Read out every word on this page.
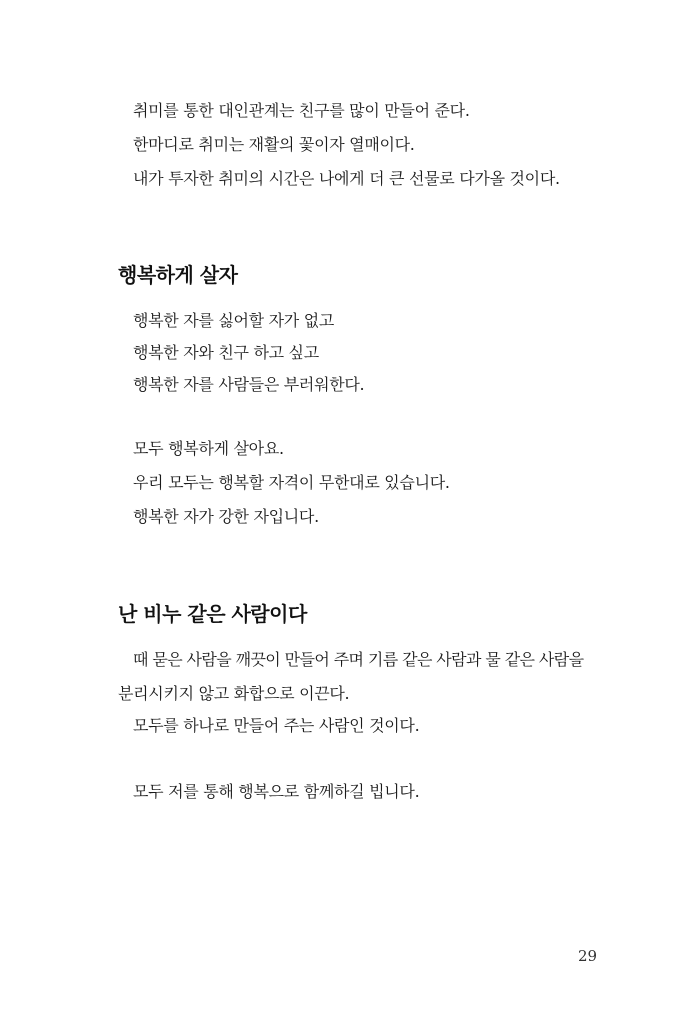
취미를 통한 대인관계는 친구를 많이 만들어 준다.
한마디로 취미는 재활의 꽃이자 열매이다.
내가 투자한 취미의 시간은 나에게 더 큰 선물로 다가올 것이다.
행복하게 살자
행복한 자를 싫어할 자가 없고
행복한 자와 친구 하고 싶고
행복한 자를 사람들은 부러워한다.
모두 행복하게 살아요.
우리 모두는 행복할 자격이 무한대로 있습니다.
행복한 자가 강한 자입니다.
난 비누 같은 사람이다
때 묻은 사람을 깨끗이 만들어 주며 기름 같은 사람과 물 같은 사람을
분리시키지 않고 화합으로 이끈다.
모두를 하나로 만들어 주는 사람인 것이다.
모두 저를 통해 행복으로 함께하길 빕니다.
29
